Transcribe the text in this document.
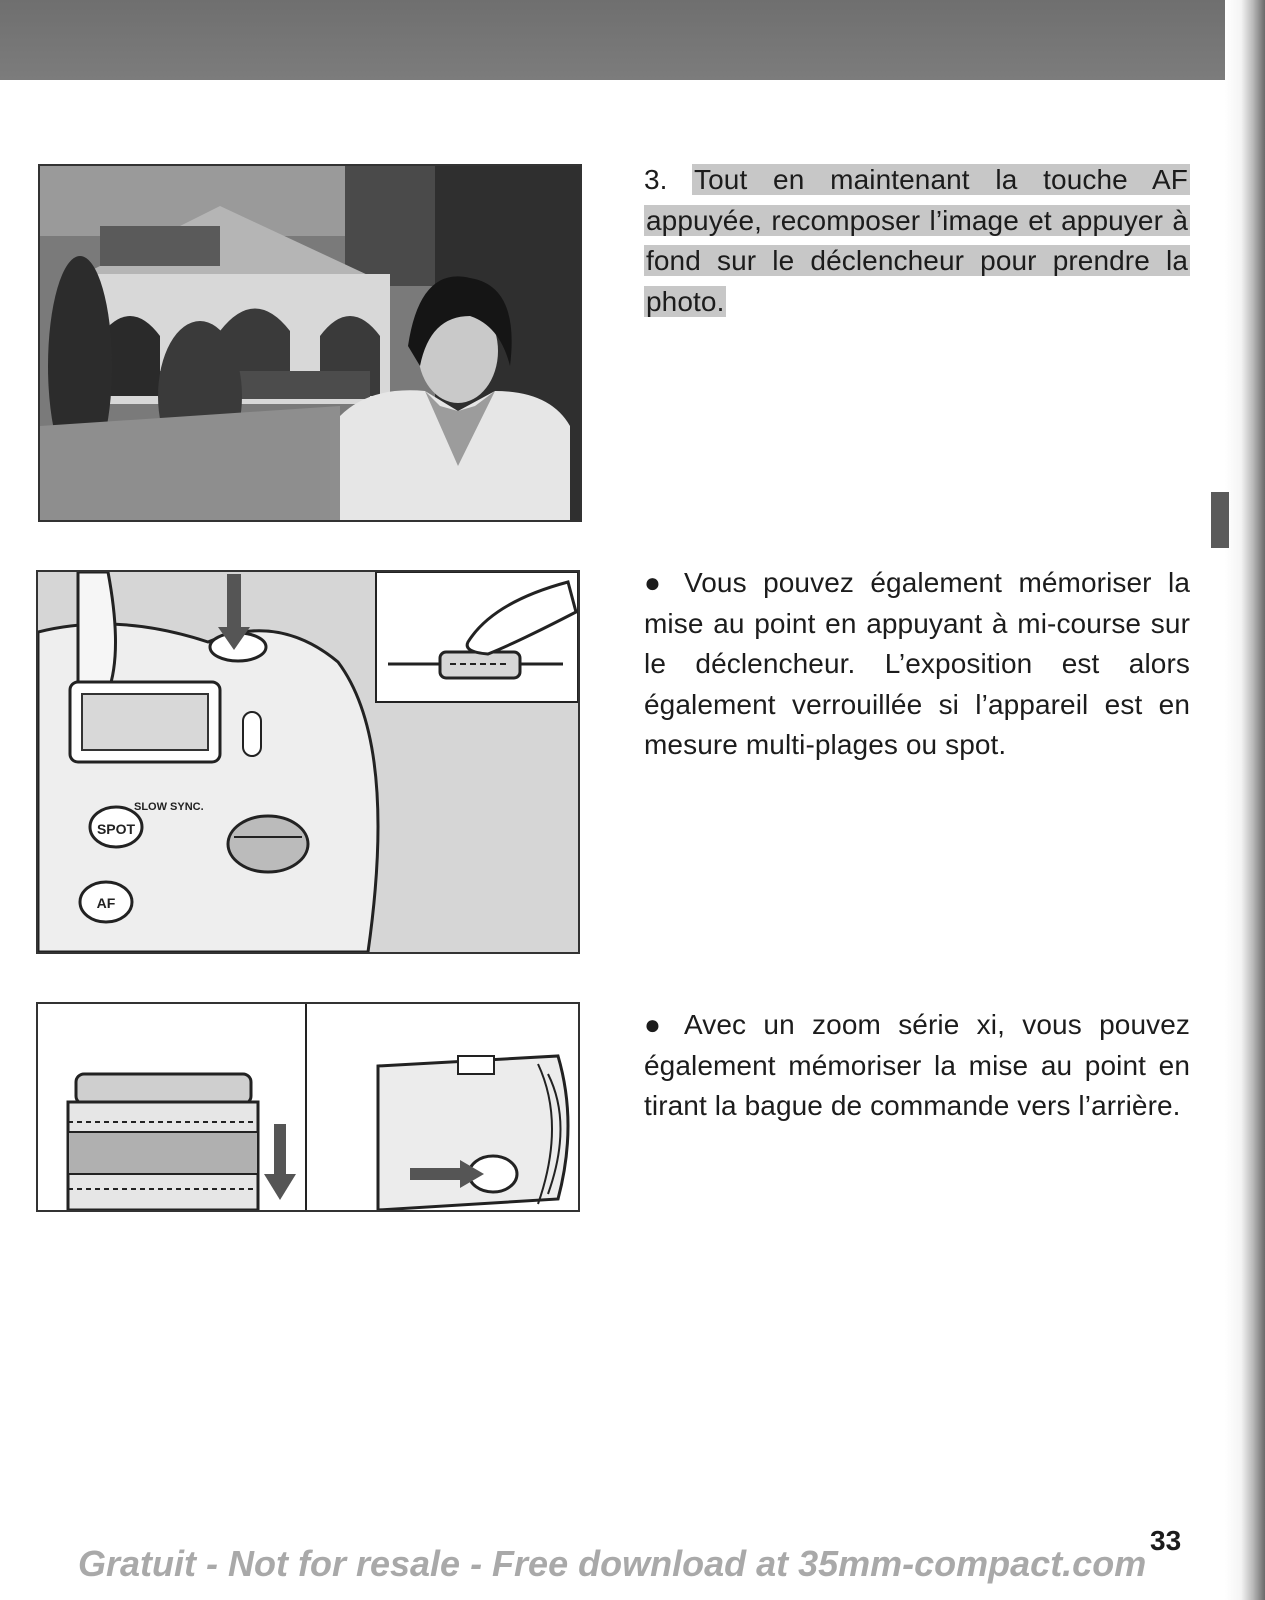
SPOT
SLOW SYNC.
AF
3. Tout en maintenant la touche AF appuyée, recomposer l’image et appuyer à fond sur le déclencheur pour prendre la photo.
● Vous pouvez également mémoriser la mise au point en appuyant à mi-course sur le déclencheur. L’exposition est alors également verrouillée si l’appareil est en mesure multi-plages ou spot.
● Avec un zoom série xi, vous pouvez également mémoriser la mise au point en tirant la bague de commande vers l’arrière.
33
Gratuit - Not for resale - Free download at 35mm-compact.com
